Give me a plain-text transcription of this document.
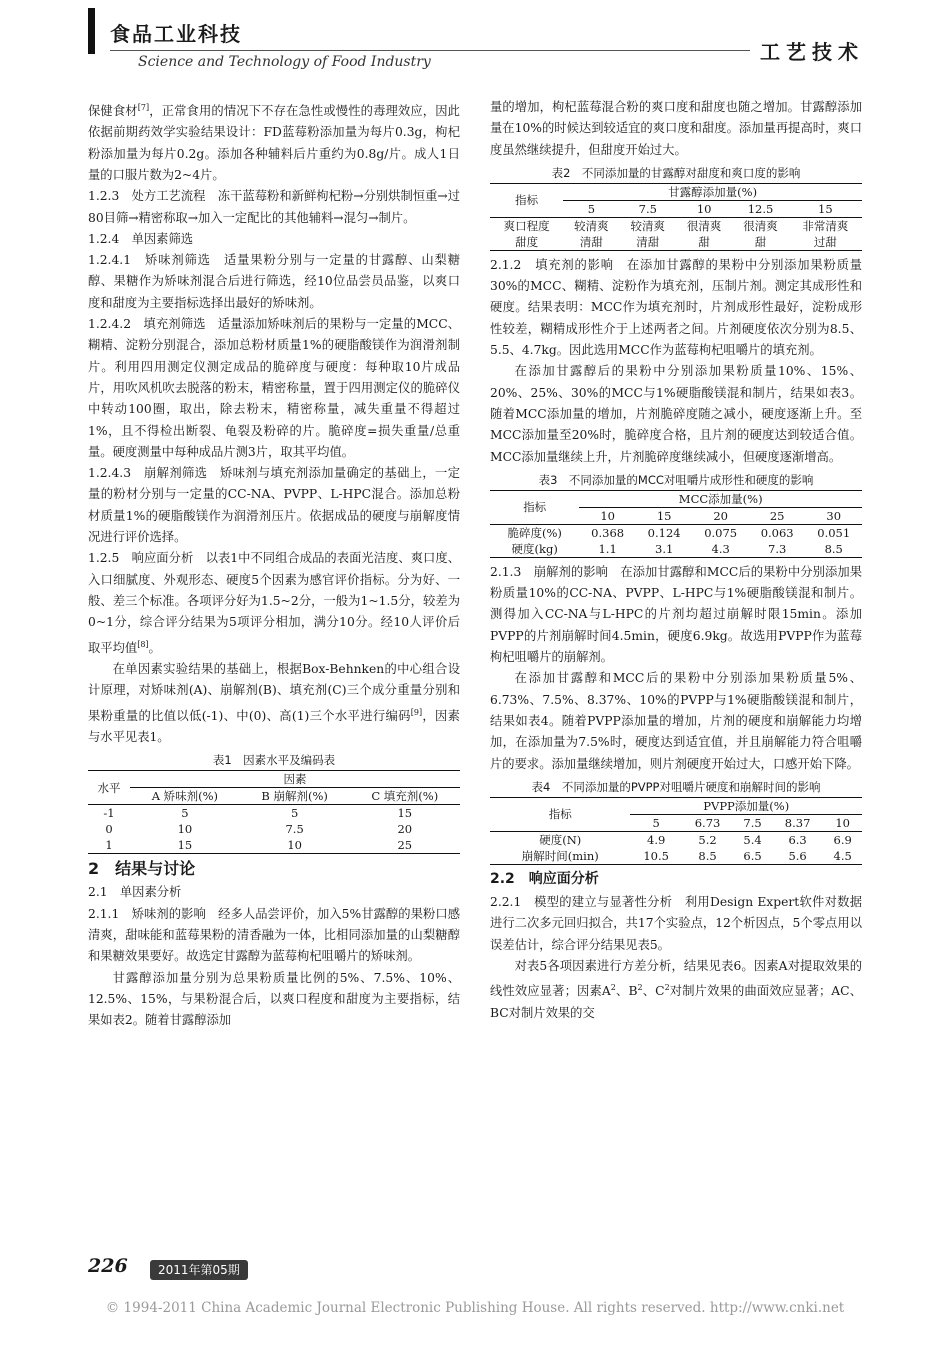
食品工业科技
Science and Technology of Food Industry	工艺技术

保健食材[7]，正常食用的情况下不存在急性或慢性的毒理效应，因此依据前期药效学实验结果设计：FD蓝莓粉添加量为每片0.3g，枸杞粉添加量为每片0.2g。添加各种辅料后片重约为0.8g/片。成人1日量的口服片数为2~4片。

1.2.3　处方工艺流程　冻干蓝莓粉和新鲜枸杞粉→分别烘制恒重→过80目筛→精密称取→加入一定配比的其他辅料→混匀→制片。

1.2.4　单因素筛选

1.2.4.1　矫味剂筛选　适量果粉分别与一定量的甘露醇、山梨糖醇、果糖作为矫味剂混合后进行筛选，经10位品尝员品鉴，以爽口度和甜度为主要指标选择出最好的矫味剂。

1.2.4.2　填充剂筛选　适量添加矫味剂后的果粉与一定量的MCC、糊精、淀粉分别混合，添加总粉材质量1%的硬脂酸镁作为润滑剂制片。利用四用测定仪测定成品的脆碎度与硬度：每种取10片成品片，用吹风机吹去脱落的粉末，精密称量，置于四用测定仪的脆碎仪中转动100圈，取出，除去粉末，精密称量，减失重量不得超过1%，且不得检出断裂、龟裂及粉碎的片。脆碎度=损失重量/总重量。硬度测量中每种成品片测3片，取其平均值。

1.2.4.3　崩解剂筛选　矫味剂与填充剂添加量确定的基础上，一定量的粉材分别与一定量的CC-NA、PVPP、L-HPC混合。添加总粉材质量1%的硬脂酸镁作为润滑剂压片。依据成品的硬度与崩解度情况进行评价选择。

1.2.5　响应面分析　以表1中不同组合成品的表面光洁度、爽口度、入口细腻度、外观形态、硬度5个因素为感官评价指标。分为好、一般、差三个标准。各项评分好为1.5~2分，一般为1~1.5分，较差为0~1分，综合评分结果为5项评分相加，满分10分。经10人评价后取平均值[8]。

在单因素实验结果的基础上，根据Box-Behnken的中心组合设计原理，对矫味剂(A)、崩解剂(B)、填充剂(C)三个成分重量分别和果粉重量的比值以低(-1)、中(0)、高(1)三个水平进行编码[9]，因素与水平见表1。

表1　因素水平及编码表

水平	因素		
	A 矫味剂(%)	B 崩解剂(%)	C 填充剂(%)
-1	5	5	15
0	10	7.5	20
1	15	10	25

2　结果与讨论

2.1　单因素分析

2.1.1　矫味剂的影响　经多人品尝评价，加入5%甘露醇的果粉口感清爽，甜味能和蓝莓果粉的清香融为一体，比相同添加量的山梨糖醇和果糖效果要好。故选定甘露醇为蓝莓枸杞咀嚼片的矫味剂。

甘露醇添加量分别为总果粉质量比例的5%、7.5%、10%、12.5%、15%，与果粉混合后，以爽口程度和甜度为主要指标，结果如表2。随着甘露醇添加

量的增加，枸杞蓝莓混合粉的爽口度和甜度也随之增加。甘露醇添加量在10%的时候达到较适宜的爽口度和甜度。添加量再提高时，爽口度虽然继续提升，但甜度开始过大。

表2　不同添加量的甘露醇对甜度和爽口度的影响

指标	甘露醇添加量(%)				
	5	7.5	10	12.5	15
爽口程度	较清爽	较清爽	很清爽	很清爽	非常清爽
甜度	清甜	清甜	甜	甜	过甜

2.1.2　填充剂的影响　在添加甘露醇的果粉中分别添加果粉质量30%的MCC、糊精、淀粉作为填充剂，压制片剂。测定其成形性和硬度。结果表明：MCC作为填充剂时，片剂成形性最好，淀粉成形性较差，糊精成形性介于上述两者之间。片剂硬度依次分别为8.5、5.5、4.7kg。因此选用MCC作为蓝莓枸杞咀嚼片的填充剂。

在添加甘露醇后的果粉中分别添加果粉质量10%、15%、20%、25%、30%的MCC与1%硬脂酸镁混和制片，结果如表3。随着MCC添加量的增加，片剂脆碎度随之减小，硬度逐渐上升。至MCC添加量至20%时，脆碎度合格，且片剂的硬度达到较适合值。MCC添加量继续上升，片剂脆碎度继续减小，但硬度逐渐增高。

表3　不同添加量的MCC对咀嚼片成形性和硬度的影响

指标	MCC添加量(%)				
	10	15	20	25	30
脆碎度(%)	0.368	0.124	0.075	0.063	0.051
硬度(kg)	1.1	3.1	4.3	7.3	8.5

2.1.3　崩解剂的影响　在添加甘露醇和MCC后的果粉中分别添加果粉质量10%的CC-NA、PVPP、L-HPC与1%硬脂酸镁混和制片。测得加入CC-NA与L-HPC的片剂均超过崩解时限15min。添加PVPP的片剂崩解时间4.5min，硬度6.9kg。故选用PVPP作为蓝莓枸杞咀嚼片的崩解剂。

在添加甘露醇和MCC后的果粉中分别添加果粉质量5%、6.73%、7.5%、8.37%、10%的PVPP与1%硬脂酸镁混和制片，结果如表4。随着PVPP添加量的增加，片剂的硬度和崩解能力均增加，在添加量为7.5%时，硬度达到适宜值，并且崩解能力符合咀嚼片的要求。添加量继续增加，则片剂硬度开始过大，口感开始下降。

表4　不同添加量的PVPP对咀嚼片硬度和崩解时间的影响

指标	PVPP添加量(%)				
	5	6.73	7.5	8.37	10
硬度(N)	4.9	5.2	5.4	6.3	6.9
崩解时间(min)	10.5	8.5	6.5	5.6	4.5

2.2　响应面分析

2.2.1　模型的建立与显著性分析　利用Design Expert软件对数据进行二次多元回归拟合，共17个实验点，12个析因点，5个零点用以误差估计，综合评分结果见表5。

对表5各项因素进行方差分析，结果见表6。因素A对提取效果的线性效应显著；因素$A^2$、$B^2$、$C^2$对制片效果的曲面效应显著；AC、BC对制片效果的交

226	2011年第05期
© 1994-2011 China Academic Journal Electronic Publishing House. All rights reserved. http://www.cnki.net
